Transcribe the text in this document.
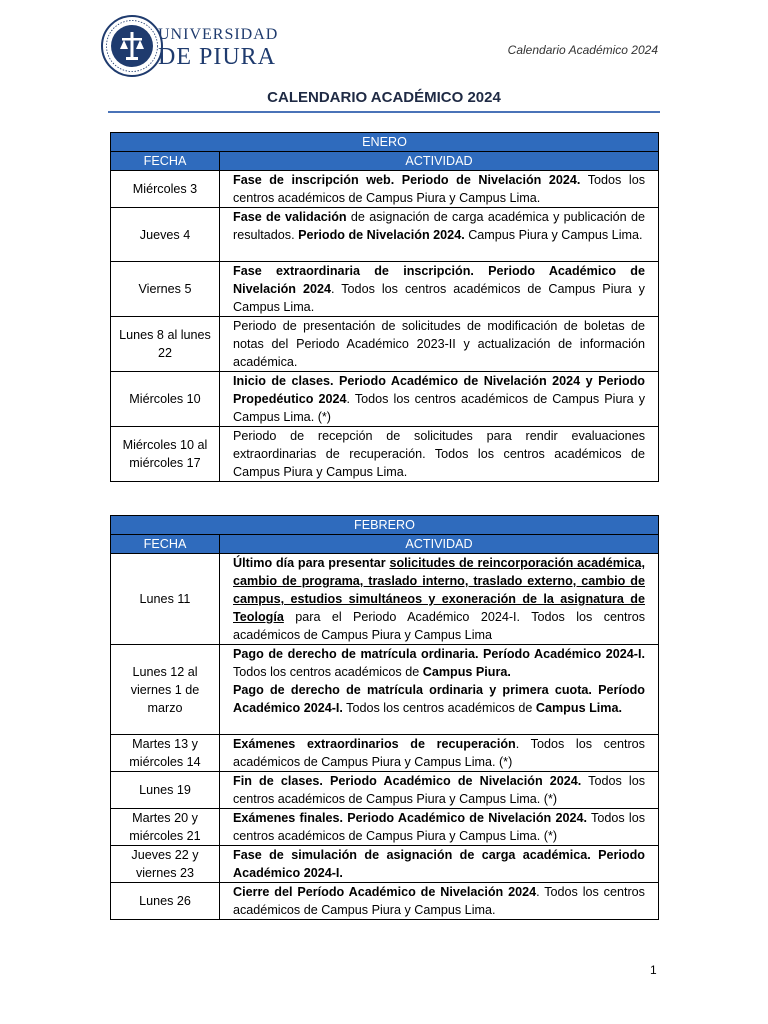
UNIVERSIDAD
DE PIURA	Calendario Académico 2024
CALENDARIO ACADÉMICO 2024
ENERO	
FECHA	ACTIVIDAD
Miércoles 3	Fase de inscripción web. Periodo de Nivelación 2024. Todos los centros académicos de Campus Piura y Campus Lima.
Jueves 4	Fase de validación de asignación de carga académica y publicación de resultados. Periodo de Nivelación 2024. Campus Piura y Campus Lima.
Viernes 5	Fase extraordinaria de inscripción. Periodo Académico de Nivelación 2024. Todos los centros académicos de Campus Piura y Campus Lima.
Lunes 8 al lunes 22	Periodo de presentación de solicitudes de modificación de boletas de notas del Periodo Académico 2023-II y actualización de información académica.
Miércoles 10	Inicio de clases. Periodo Académico de Nivelación 2024 y Periodo Propedéutico 2024. Todos los centros académicos de Campus Piura y Campus Lima. (*)
Miércoles 10 al miércoles 17	Periodo de recepción de solicitudes para rendir evaluaciones extraordinarias de recuperación. Todos los centros académicos de Campus Piura y Campus Lima.
FEBRERO	
FECHA	ACTIVIDAD
Lunes 11	Último día para presentar solicitudes de reincorporación académica, cambio de programa, traslado interno, traslado externo, cambio de campus, estudios simultáneos y exoneración de la asignatura de Teología para el Periodo Académico 2024-I. Todos los centros académicos de Campus Piura y Campus Lima
Lunes 12 al viernes 1 de marzo	Pago de derecho de matrícula ordinaria. Período Académico 2024-I. Todos los centros académicos de Campus Piura.

Pago de derecho de matrícula ordinaria y primera cuota. Período Académico 2024-I. Todos los centros académicos de Campus Lima.

Martes 13 y miércoles 14	Exámenes extraordinarios de recuperación. Todos los centros académicos de Campus Piura y Campus Lima. (*)
Lunes 19	Fin de clases. Periodo Académico de Nivelación 2024. Todos los centros académicos de Campus Piura y Campus Lima. (*)
Martes 20 y miércoles 21	Exámenes finales. Periodo Académico de Nivelación 2024. Todos los centros académicos de Campus Piura y Campus Lima. (*)
Jueves 22 y viernes 23	Fase de simulación de asignación de carga académica. Periodo Académico 2024-I.
Lunes 26	Cierre del Período Académico de Nivelación 2024. Todos los centros académicos de Campus Piura y Campus Lima.
1
